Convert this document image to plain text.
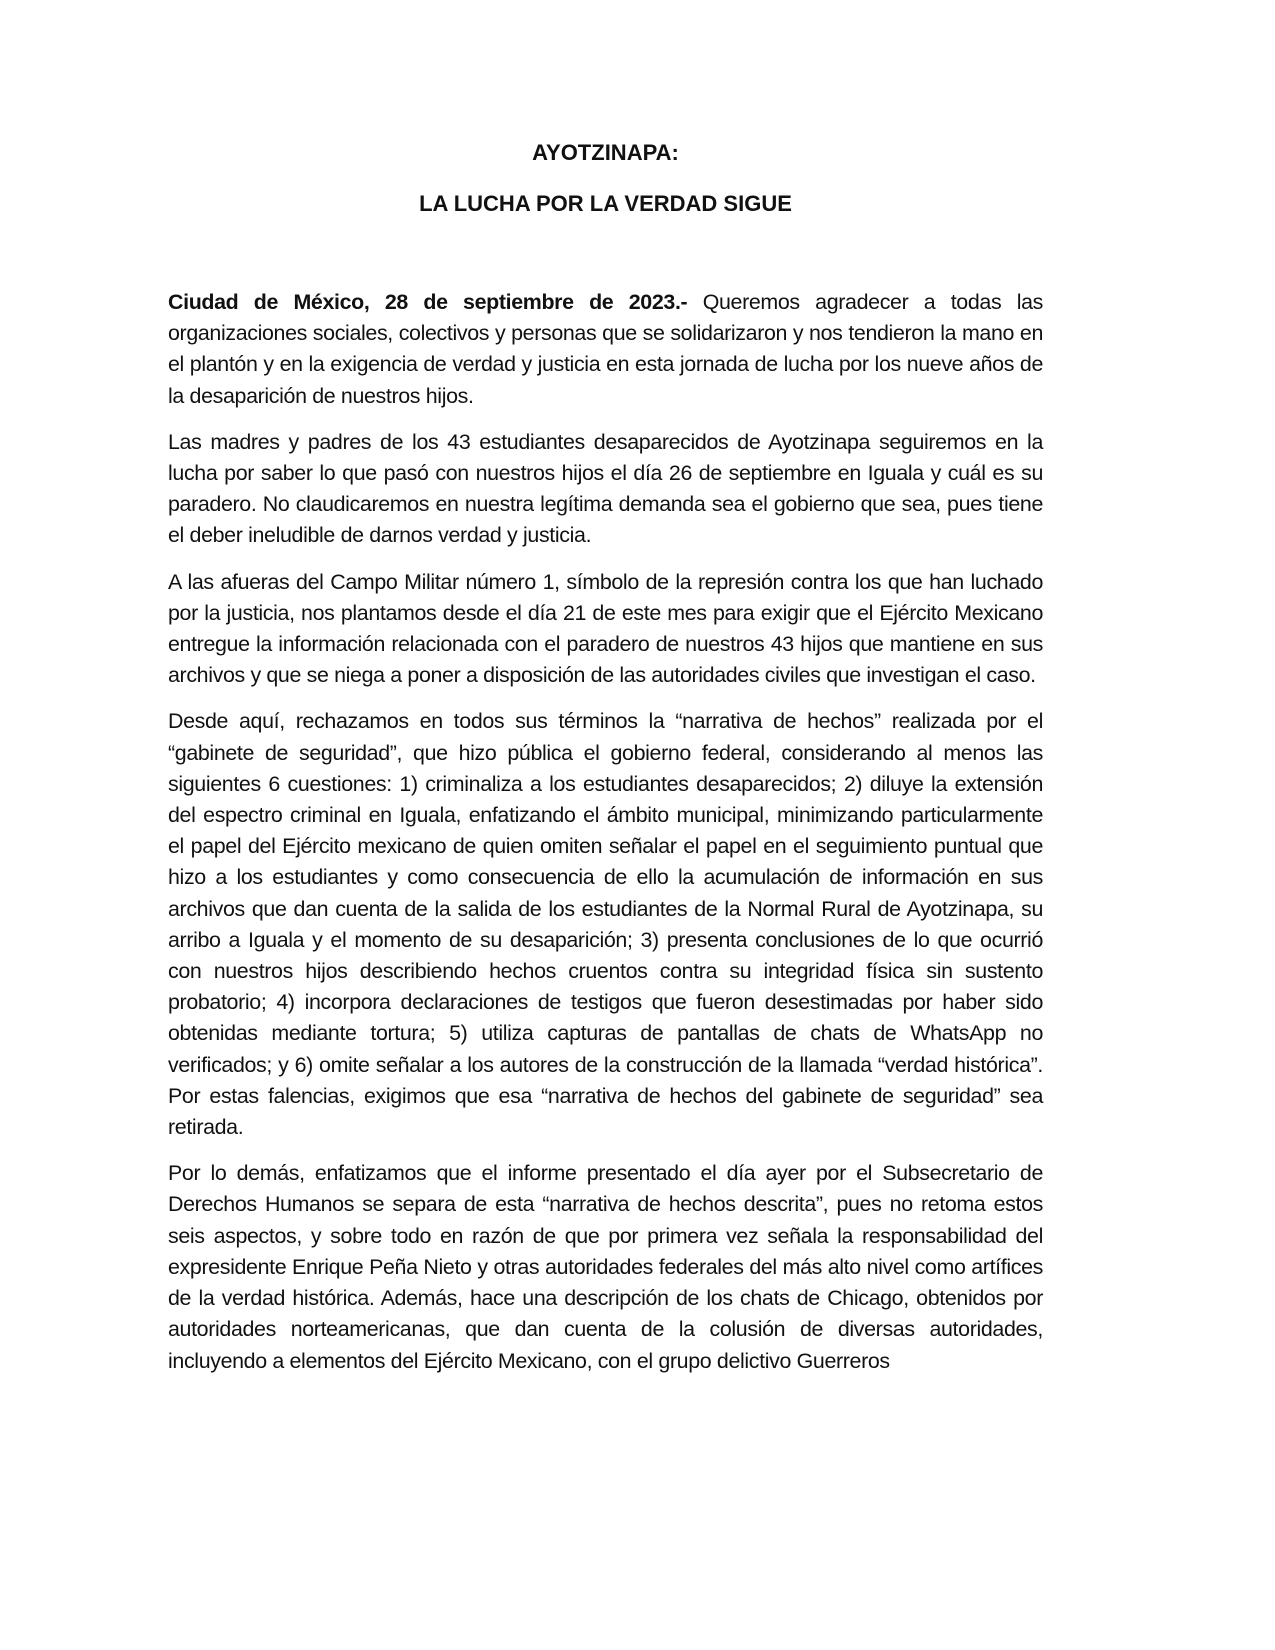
AYOTZINAPA:

LA LUCHA POR LA VERDAD SIGUE

Ciudad de México, 28 de septiembre de 2023.- Queremos agradecer a todas las organizaciones sociales, colectivos y personas que se solidarizaron y nos tendieron la mano en el plantón y en la exigencia de verdad y justicia en esta jornada de lucha por los nueve años de la desaparición de nuestros hijos.

Las madres y padres de los 43 estudiantes desaparecidos de Ayotzinapa seguiremos en la lucha por saber lo que pasó con nuestros hijos el día 26 de septiembre en Iguala y cuál es su paradero. No claudicaremos en nuestra legítima demanda sea el gobierno que sea, pues tiene el deber ineludible de darnos verdad y justicia.

A las afueras del Campo Militar número 1, símbolo de la represión contra los que han luchado por la justicia, nos plantamos desde el día 21 de este mes para exigir que el Ejército Mexicano entregue la información relacionada con el paradero de nuestros 43 hijos que mantiene en sus archivos y que se niega a poner a disposición de las autoridades civiles que investigan el caso.

Desde aquí, rechazamos en todos sus términos la “narrativa de hechos” realizada por el “gabinete de seguridad”, que hizo pública el gobierno federal, considerando al menos las siguientes 6 cuestiones: 1) criminaliza a los estudiantes desaparecidos; 2) diluye la extensión del espectro criminal en Iguala, enfatizando el ámbito municipal, minimizando particularmente el papel del Ejército mexicano de quien omiten señalar el papel en el seguimiento puntual que hizo a los estudiantes y como consecuencia de ello la acumulación de información en sus archivos que dan cuenta de la salida de los estudiantes de la Normal Rural de Ayotzinapa, su arribo a Iguala y el momento de su desaparición; 3) presenta conclusiones de lo que ocurrió con nuestros hijos describiendo hechos cruentos contra su integridad física sin sustento probatorio; 4) incorpora declaraciones de testigos que fueron desestimadas por haber sido obtenidas mediante tortura; 5) utiliza capturas de pantallas de chats de WhatsApp no verificados; y 6) omite señalar a los autores de la construcción de la llamada “verdad histórica”. Por estas falencias, exigimos que esa “narrativa de hechos del gabinete de seguridad” sea retirada.

Por lo demás, enfatizamos que el informe presentado el día ayer por el Subsecretario de Derechos Humanos se separa de esta “narrativa de hechos descrita”, pues no retoma estos seis aspectos, y sobre todo en razón de que por primera vez señala la responsabilidad del expresidente Enrique Peña Nieto y otras autoridades federales del más alto nivel como artífices de la verdad histórica. Además, hace una descripción de los chats de Chicago, obtenidos por autoridades norteamericanas, que dan cuenta de la colusión de diversas autoridades, incluyendo a elementos del Ejército Mexicano, con el grupo delictivo Guerreros
